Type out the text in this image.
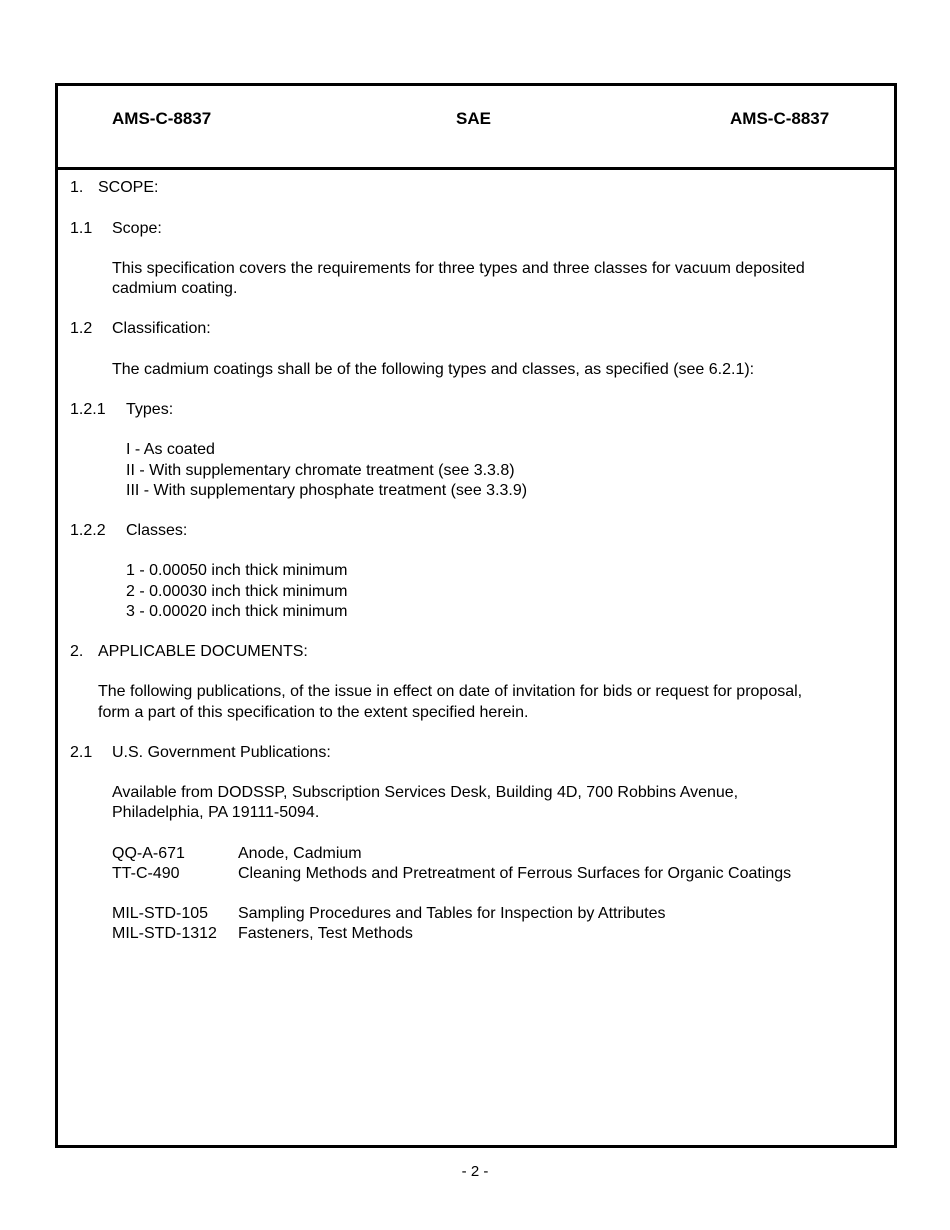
AMS-C-8837	SAE	AMS-C-8837
1. SCOPE:
1.1 Scope:
This specification covers the requirements for three types and three classes for vacuum deposited
cadmium coating.
1.2 Classification:
The cadmium coatings shall be of the following types and classes, as specified (see 6.2.1):
1.2.1 Types:
I - As coated
II - With supplementary chromate treatment (see 3.3.8)
III - With supplementary phosphate treatment (see 3.3.9)
1.2.2 Classes:
1 - 0.00050 inch thick minimum
2 - 0.00030 inch thick minimum
3 - 0.00020 inch thick minimum
2. APPLICABLE DOCUMENTS:
The following publications, of the issue in effect on date of invitation for bids or request for proposal,
form a part of this specification to the extent specified herein.
2.1 U.S. Government Publications:
Available from DODSSP, Subscription Services Desk, Building 4D, 700 Robbins Avenue,
Philadelphia, PA 19111-5094.
QQ-A-671	Anode, Cadmium
TT-C-490	Cleaning Methods and Pretreatment of Ferrous Surfaces for Organic Coatings
MIL-STD-105 Sampling Procedures and Tables for Inspection by Attributes
MIL-STD-1312 Fasteners, Test Methods
- 2 -
